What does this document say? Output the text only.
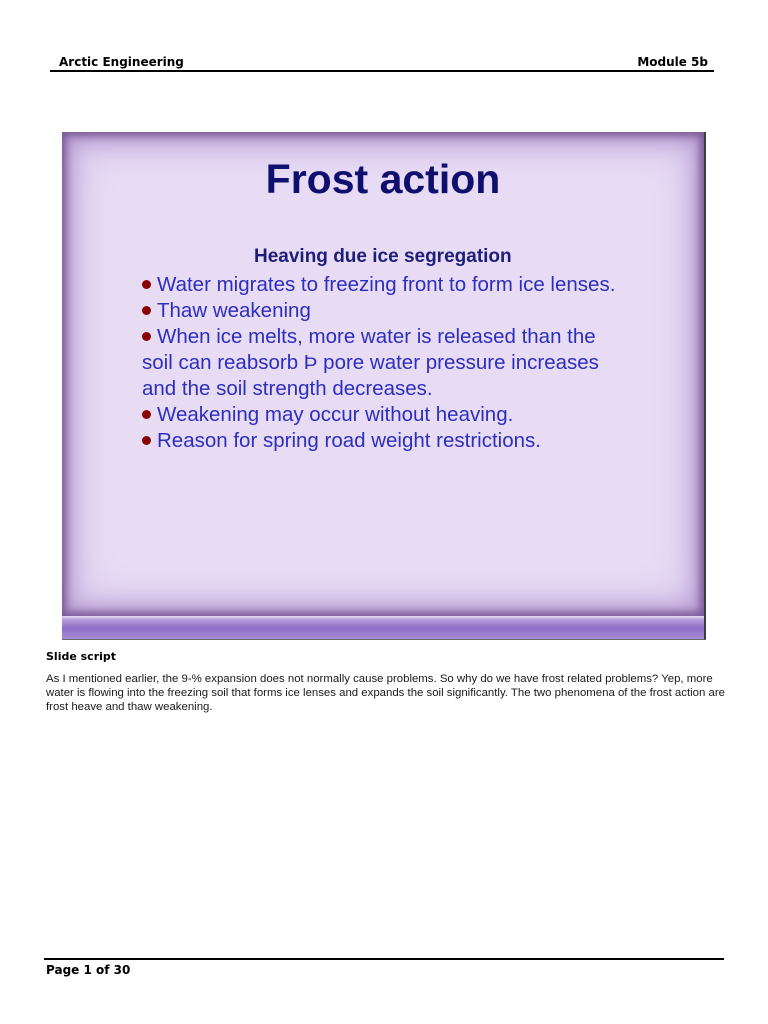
Arctic Engineering	Module 5b
Frost action
Heaving due ice segregation
Water migrates to freezing front to form ice lenses.
Thaw weakening
When ice melts, more water is released than the soil can reabsorb Þ pore water pressure increases and the soil strength decreases.
Weakening may occur without heaving.
Reason for spring road weight restrictions.
Slide script
As I mentioned earlier, the 9-% expansion does not normally cause problems. So why do we have frost related problems? Yep, more water is flowing into the freezing soil that forms ice lenses and expands the soil significantly. The two phenomena of the frost action are frost heave and thaw weakening.
Page 1 of 30
